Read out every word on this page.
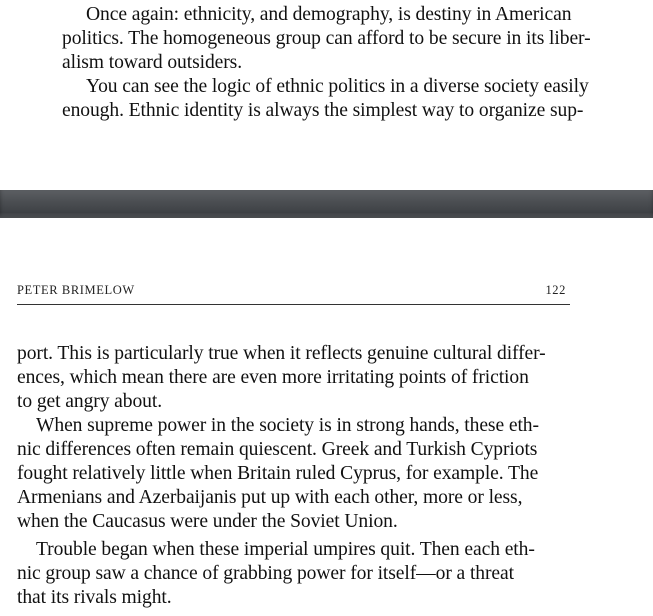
Once again: ethnicity, and demography, is destiny in American
politics. The homogeneous group can afford to be secure in its liber-
alism toward outsiders.
You can see the logic of ethnic politics in a diverse society easily
enough. Ethnic identity is always the simplest way to organize sup-
PETER BRIMELOW	122
port. This is particularly true when it reflects genuine cultural differ-
ences, which mean there are even more irritating points of friction
to get angry about.
When supreme power in the society is in strong hands, these eth-
nic differences often remain quiescent. Greek and Turkish Cypriots
fought relatively little when Britain ruled Cyprus, for example. The
Armenians and Azerbaijanis put up with each other, more or less,
when the Caucasus were under the Soviet Union.
Trouble began when these imperial umpires quit. Then each eth-
nic group saw a chance of grabbing power for itself—or a threat
that its rivals might.
